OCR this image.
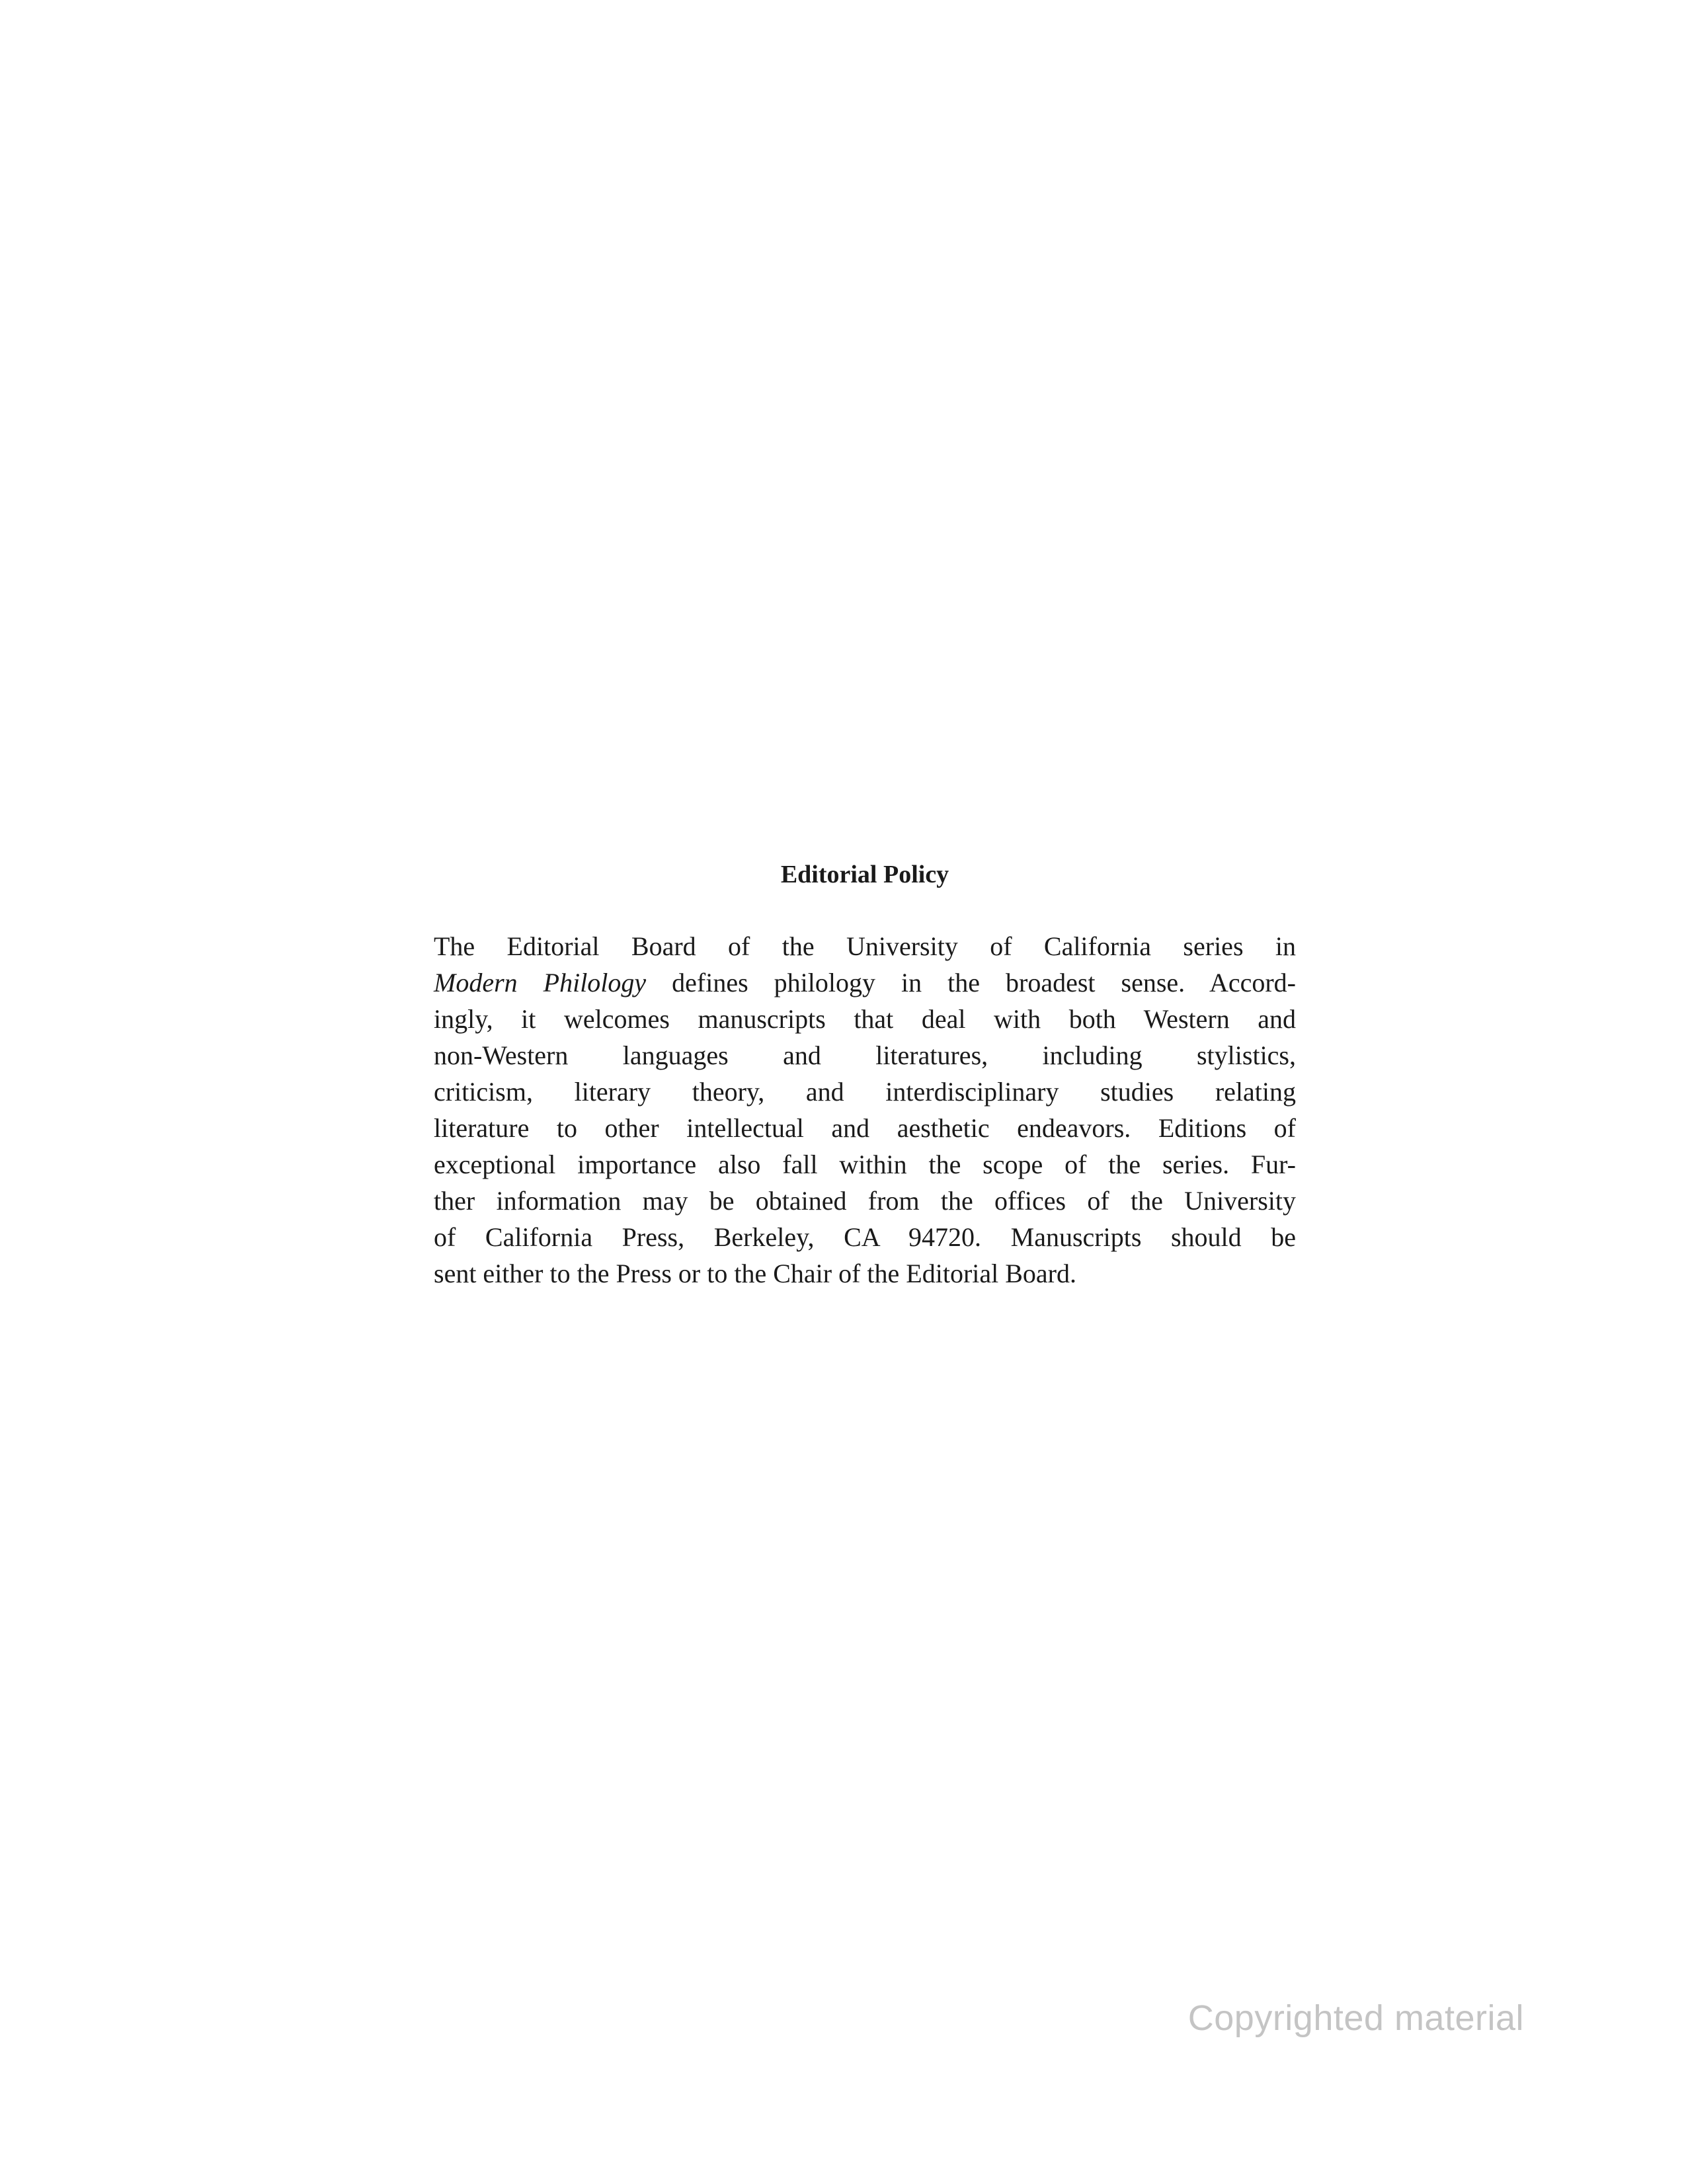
Editorial Policy
The Editorial Board of the University of California series in
Modern Philology defines philology in the broadest sense. Accord-
ingly, it welcomes manuscripts that deal with both Western and
non-Western languages and literatures, including stylistics,
criticism, literary theory, and interdisciplinary studies relating
literature to other intellectual and aesthetic endeavors. Editions of
exceptional importance also fall within the scope of the series. Fur-
ther information may be obtained from the offices of the University
of California Press, Berkeley, CA 94720. Manuscripts should be
sent either to the Press or to the Chair of the Editorial Board.
Copyrighted material
